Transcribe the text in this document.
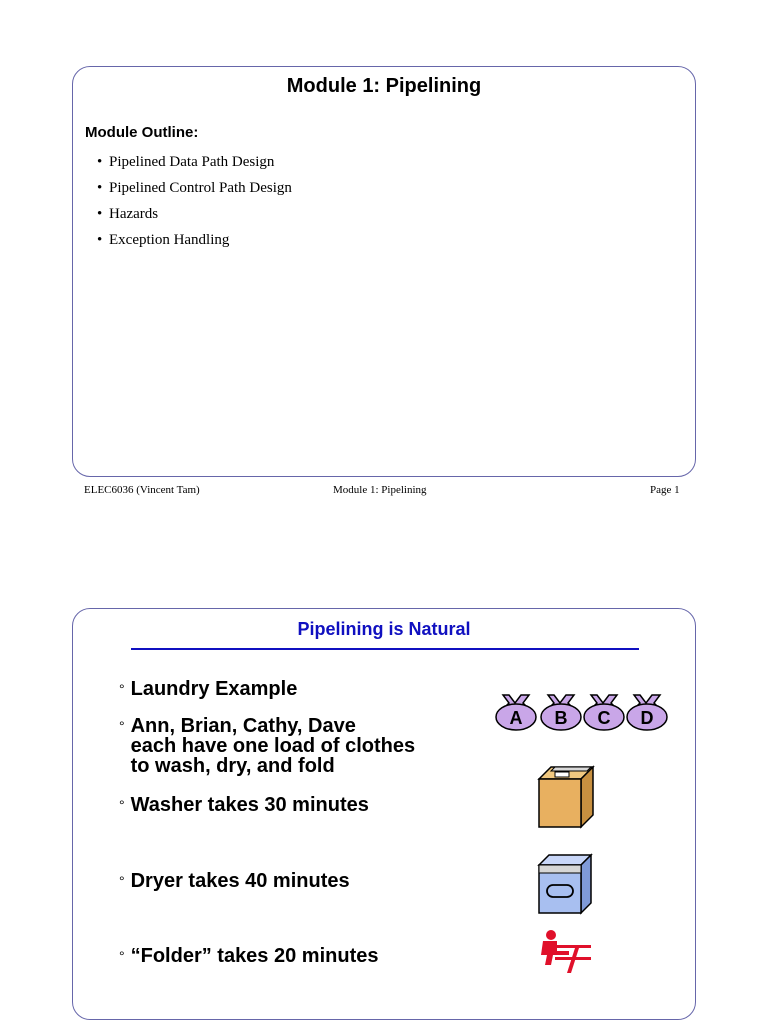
Module 1: Pipelining
Module Outline:
• Pipelined Data Path Design
• Pipelined Control Path Design
• Hazards
• Exception Handling
ELEC6036 (Vincent Tam)	Module 1: Pipelining	Page 1
Pipelining is Natural
° Laundry Example
° Ann, Brian, Cathy, Dave
each have one load of clothes
to wash, dry, and fold
° Washer takes 30 minutes
° Dryer takes 40 minutes
° “Folder” takes 20 minutes
A B C D
